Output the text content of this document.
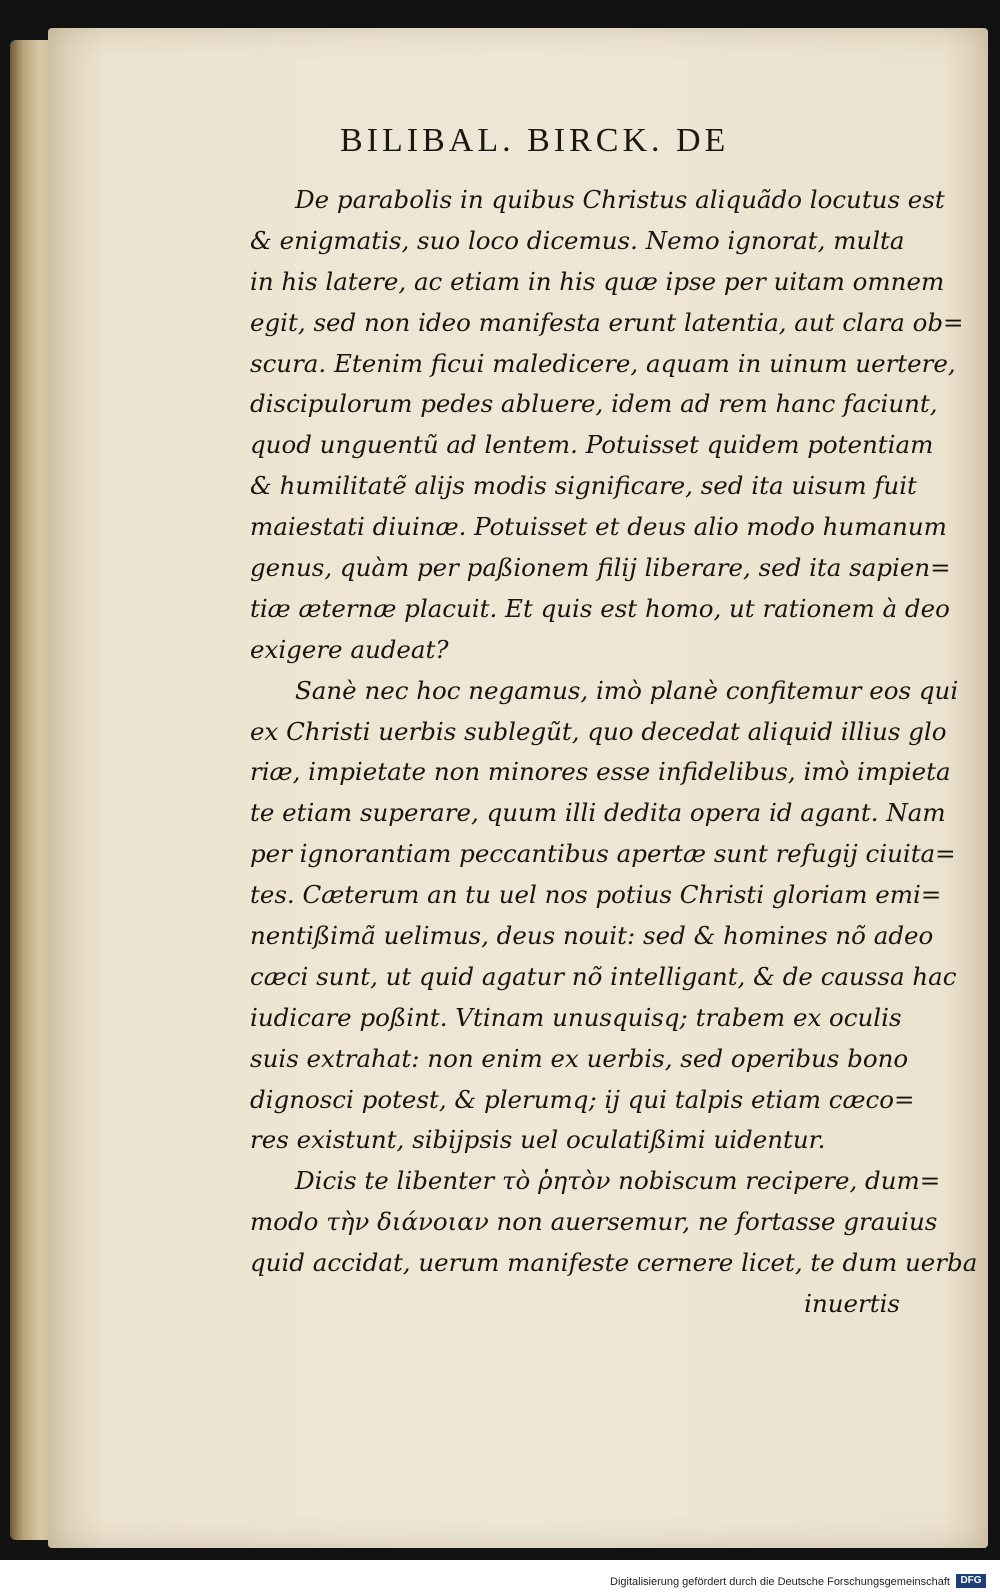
BILIBAL. BIRCK. DE
De parabolis in quibus Christus aliquãdo locutus est
& enigmatis, suo loco dicemus. Nemo ignorat, multa
in his latere, ac etiam in his quæ ipse per uitam omnem
egit, sed non ideo manifesta erunt latentia, aut clara ob=
scura. Etenim ficui maledicere, aquam in uinum uertere,
discipulorum pedes abluere, idem ad rem hanc faciunt,
quod unguentũ ad lentem. Potuisset quidem potentiam
& humilitatẽ alijs modis significare, sed ita uisum fuit
maiestati diuinæ. Potuisset et deus alio modo humanum
genus, quàm per paßionem filij liberare, sed ita sapien=
tiæ æternæ placuit. Et quis est homo, ut rationem à deo
exigere audeat?
Sanè nec hoc negamus, imò planè confitemur eos qui
ex Christi uerbis sublegũt, quo decedat aliquid illius glo
riæ, impietate non minores esse infidelibus, imò impieta
te etiam superare, quum illi dedita opera id agant. Nam
per ignorantiam peccantibus apertæ sunt refugij ciuita=
tes. Cæterum an tu uel nos potius Christi gloriam emi=
nentißimã uelimus, deus nouit: sed & homines nõ adeo
cæci sunt, ut quid agatur nõ intelligant, & de caussa hac
iudicare poßint. Vtinam unusquisq; trabem ex oculis
suis extrahat: non enim ex uerbis, sed operibus bono
dignosci potest, & plerumq; ij qui talpis etiam cæco=
res existunt, sibijpsis uel oculatißimi uidentur.
Dicis te libenter τὸ ῥητὸν nobiscum recipere, dum=
modo τὴν διάνοιαν non auersemur, ne fortasse grauius
quid accidat, uerum manifeste cernere licet, te dum uerba
inuertis
Digitalisierung gefördert durch die Deutsche Forschungsgemeinschaft	DFG
